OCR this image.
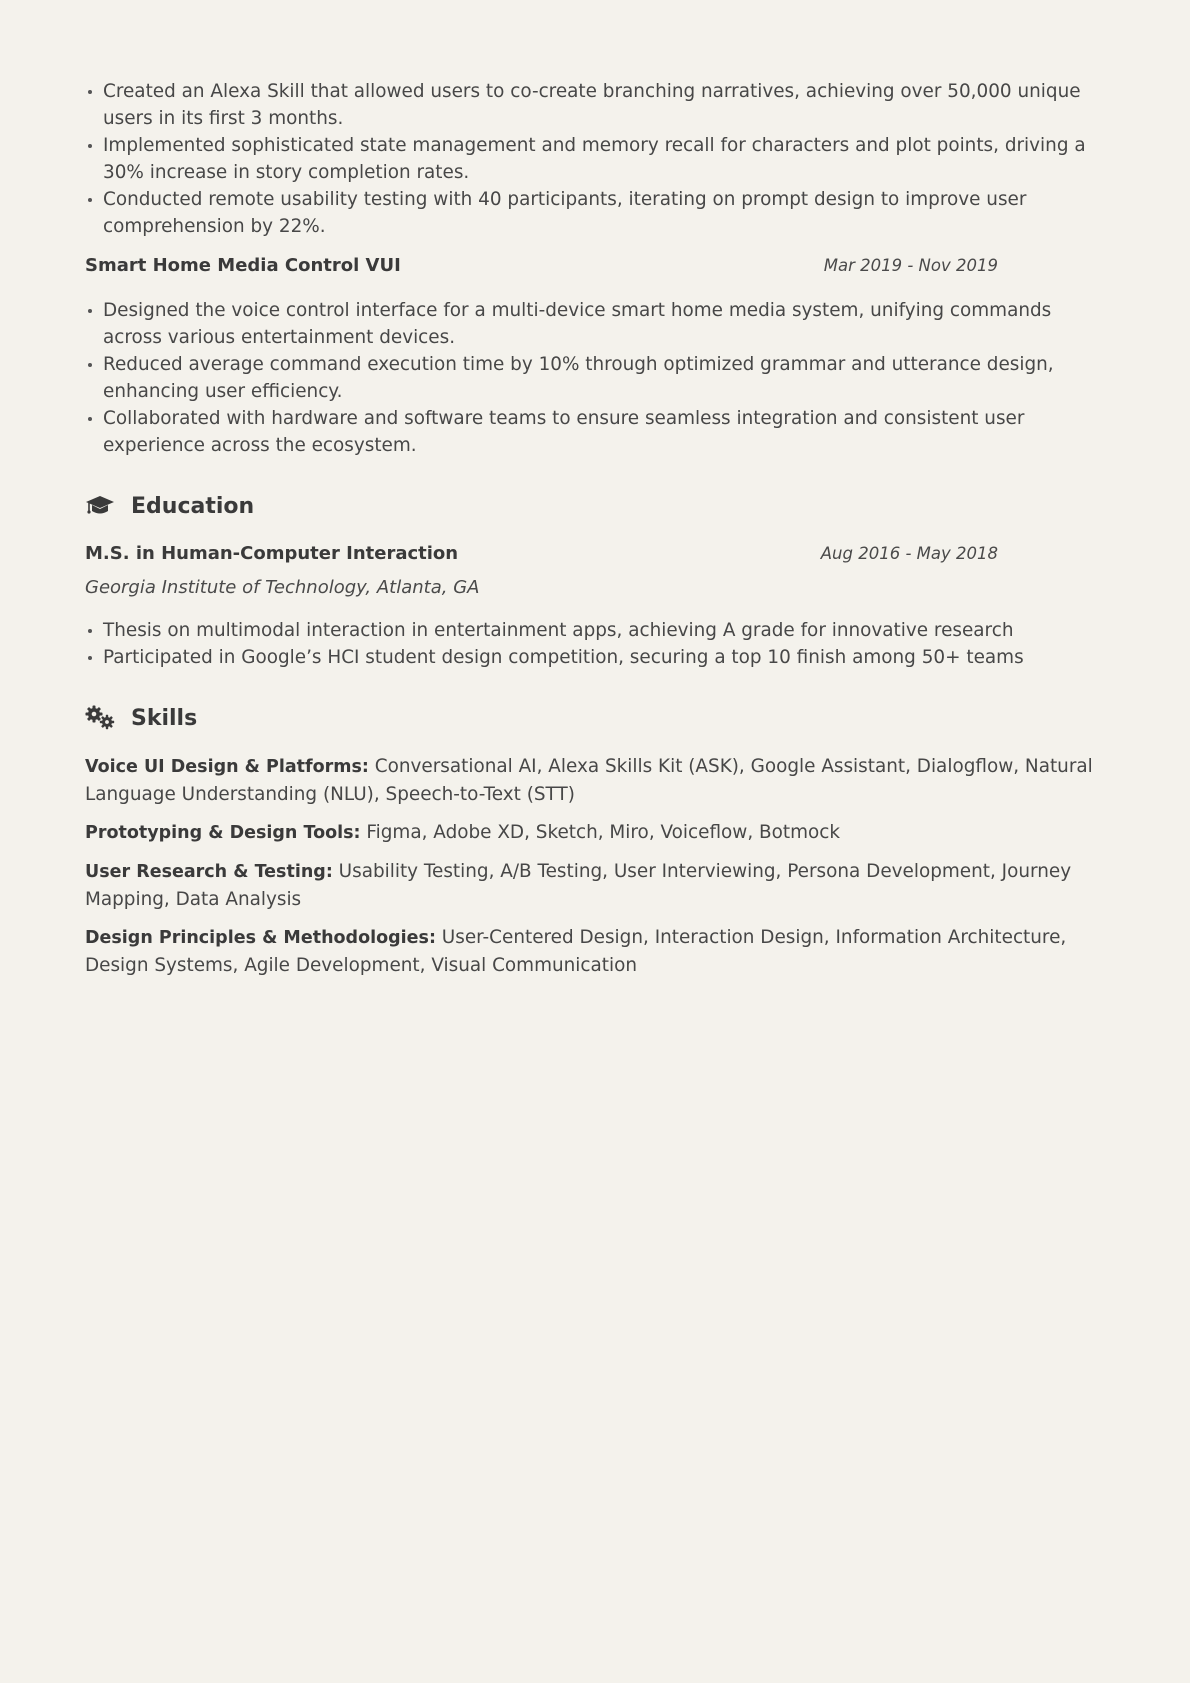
Created an Alexa Skill that allowed users to co-create branching narratives, achieving over 50,000 unique users in its first 3 months.
Implemented sophisticated state management and memory recall for characters and plot points, driving a 30% increase in story completion rates.
Conducted remote usability testing with 40 participants, iterating on prompt design to improve user comprehension by 22%.
Smart Home Media Control VUI	Mar 2019 - Nov 2019
Designed the voice control interface for a multi-device smart home media system, unifying commands across various entertainment devices.
Reduced average command execution time by 10% through optimized grammar and utterance design, enhancing user efficiency.
Collaborated with hardware and software teams to ensure seamless integration and consistent user experience across the ecosystem.
Education
M.S. in Human-Computer Interaction	Aug 2016 - May 2018
Georgia Institute of Technology, Atlanta, GA
Thesis on multimodal interaction in entertainment apps, achieving A grade for innovative research
Participated in Google’s HCI student design competition, securing a top 10 finish among 50+ teams
Skills

Voice UI Design & Platforms: Conversational AI, Alexa Skills Kit (ASK), Google Assistant, Dialogflow, Natural Language Understanding (NLU), Speech-to-Text (STT)

Prototyping & Design Tools: Figma, Adobe XD, Sketch, Miro, Voiceflow, Botmock

User Research & Testing: Usability Testing, A/B Testing, User Interviewing, Persona Development, Journey Mapping, Data Analysis

Design Principles & Methodologies: User-Centered Design, Interaction Design, Information Architecture, Design Systems, Agile Development, Visual Communication
